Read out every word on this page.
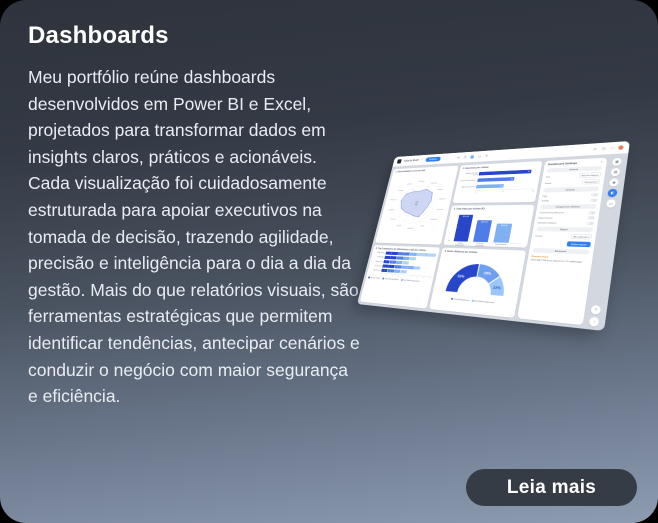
Dashboards
Meu portfólio reúne dashboards desenvolvidos em Power BI e Excel, projetados para transformar dados em insights claros, práticos e acionáveis. Cada visualização foi cuidadosamente estruturada para apoiar executivos na tomada de decisão, trazendo agilidade, precisão e inteligência para o dia a dia da gestão. Mais do que relatórios visuais, são ferramentas estratégicas que permitem identificar tendências, antecipar cenários e conduzir o negócio com maior segurança e eficiência.
Volume Build ▾	Publish	⟲ ⟳ ▦ ▭ ✎
⇗ ◷ ◔
1. Org breakdown score per skill
Strategy
Planning
Analytics
Reports
Finance
Marketing
Sales
Logistics
Quality
Training
Support
Research
Design
Growth
7.2
2. Interviews per volume
Engineering team (YTD)
45
Commercial excellence
32
Agency breakdown	24
0	25	50
3. Total leads per volume (K)
$0
$150,000
$120,000
$100,000
Inbound Management
Outbound Prospecting
Partner Network
5. Top 5 employees by effectiveness rate per volume
Media buyers	2	2	1	3
Sales leads	2	1	1	1
Channel ops 1	1	1	1
Inside sales	2	1	2	1
Brand studio 1	1	1	1
0 1 2 3 4 5 6 7 8
Top Rank Conduct Project Managing Expert Social Media Segmentation
4. Hours delivered per volume
50%
28%
22%
Project Managing team
Social Media Segmentation
ⓘ
Dashboard Settings	✕
General
Font
Helvetica Regular
Palette	Ultramarine ▾
Defaults
Page
E-folder
Comparisons defaults
Screenshot by Reference
Export Section
Underline definition
Export
Format	A4 Landscape ▾
Define layout
Advanced
Documentation
Need help? Talk to our experts for a 1:1 walkthrough.
▣
▤
◉
◧
▭
?
↑
Leia mais
